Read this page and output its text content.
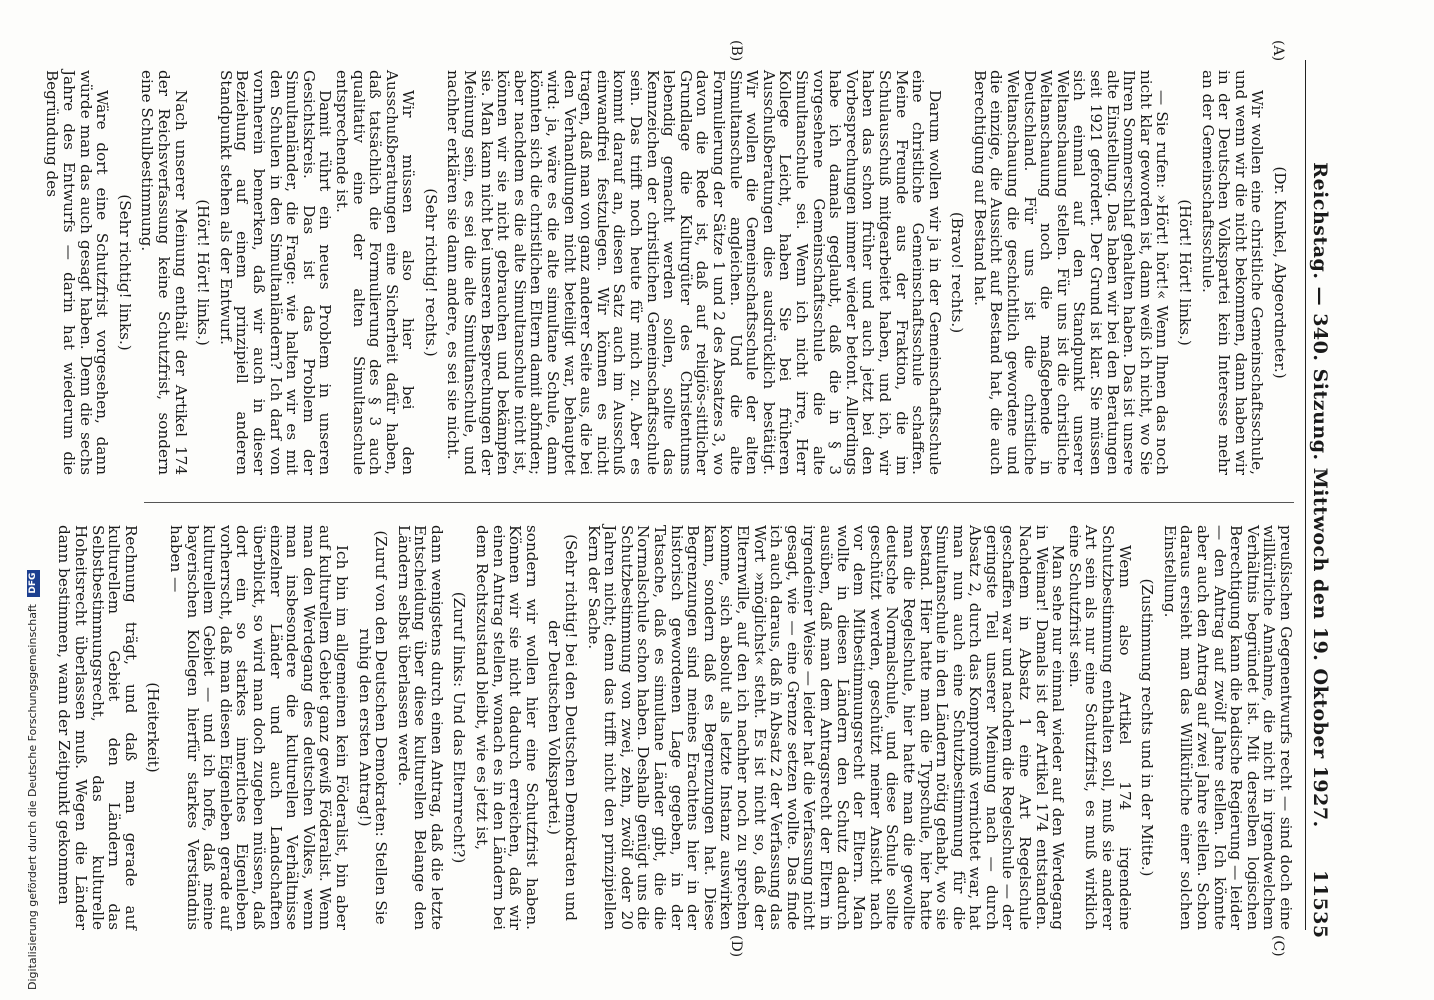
Reichstag. — 340. Sitzung. Mittwoch den 19. Oktober 1927.
11535
(A)
(B)
(C)
(D)

(Dr. Kunkel, Abgeordneter.)

Wir wollen eine christliche Gemeinschaftsschule, und wenn wir die nicht bekommen, dann haben wir in der Deutschen Volkspartei kein Interesse mehr an der Gemeinschaftsschule.

(Hört! Hört! links.)

— Sie rufen: »Hört! hört!« Wenn Ihnen das noch nicht klar geworden ist, dann weiß ich nicht, wo Sie Ihren Sommerschlaf gehalten haben. Das ist unsere alte Einstellung. Das haben wir bei den Beratungen seit 1921 gefordert. Der Grund ist klar. Sie müssen sich einmal auf den Standpunkt unserer Weltanschauung stellen. Für uns ist die christliche Weltanschauung noch die maßgebende in Deutschland. Für uns ist die christliche Weltanschauung die geschichtlich gewordene und die einzige, die Aussicht auf Bestand hat, die auch Berechtigung auf Bestand hat.

(Bravo! rechts.)

Darum wollen wir ja in der Gemeinschaftsschule eine christliche Gemeinschaftsschule schaffen. Meine Freunde aus der Fraktion, die im Schulausschuß mitgearbeitet haben, und ich, wir haben das schon früher und auch jetzt bei den Vorbesprechungen immer wieder betont. Allerdings habe ich damals geglaubt, daß die in § 3 vorgesehene Gemeinschaftsschule die alte Simultanschule sei. Wenn ich nicht irre, Herr Kollege Leicht, haben Sie bei früheren Ausschußberatungen dies ausdrücklich bestätigt. Wir wollen die Gemeinschaftsschule der alten Simultanschule angleichen. Und die alte Formulierung der Sätze 1 und 2 des Absatzes 3, wo davon die Rede ist, daß auf religiös-sittlicher Grundlage die Kulturgüter des Christentums lebendig gemacht werden sollen, sollte das Kennzeichen der christlichen Gemeinschaftsschule sein. Das trifft noch heute für mich zu. Aber es kommt darauf an, diesen Satz auch im Ausschuß einwandfrei festzulegen. Wir können es nicht tragen, daß man von ganz anderer Seite aus, die bei den Verhandlungen nicht beteiligt war, behauptet wird: ja, wäre es die alte simultane Schule, dann könnten sich die christlichen Eltern damit abfinden; aber nachdem es die alte Simultanschule nicht ist, können wir sie nicht gebrauchen und bekämpfen sie. Man kann nicht bei unseren Besprechungen der Meinung sein, es sei die alte Simultanschule, und nachher erklären sie dann andere, es sei sie nicht.

(Sehr richtig! rechts.)

Wir müssen also hier bei den Ausschußberatungen eine Sicherheit dafür haben, daß tatsächlich die Formulierung des § 3 auch qualitativ eine der alten Simultanschule entsprechende ist.

Damit rührt ein neues Problem in unseren Gesichtskreis. Das ist das Problem der Simultanländer, die Frage: wie halten wir es mit den Schulen in den Simultanländern? Ich darf von vornherein bemerken, daß wir auch in dieser Beziehung auf einem prinzipiell anderen Standpunkt stehen als der Entwurf.

(Hört! Hört! links.)

Nach unserer Meinung enthält der Artikel 174 der Reichsverfassung keine Schutzfrist, sondern eine Schulbestimmung.

(Sehr richtig! links.)

Wäre dort eine Schutzfrist vorgesehen, dann würde man das auch gesagt haben. Denn die sechs Jahre des Entwurfs — darin hat wiederum die Begründung des

preußischen Gegenentwurfs recht — sind doch eine willkürliche Annahme, die nicht in irgendwelchem Verhältnis begründet ist. Mit derselben logischen Berechtigung kann die badische Regierung — leider — den Antrag auf zwölf Jahre stellen. Ich könnte aber auch den Antrag auf zwei Jahre stellen. Schon daraus ersieht man das Willkürliche einer solchen Einstellung.

(Zustimmung rechts und in der Mitte.)

Wenn also Artikel 174 irgendeine Schutzbestimmung enthalten soll, muß sie anderer Art sein als nur eine Schutzfrist, es muß wirklich eine Schutzfrist sein.

Man sehe nur einmal wieder auf den Werdegang in Weimar! Damals ist der Artikel 174 entstanden. Nachdem in Absatz 1 eine Art Regelschule geschaffen war und nachdem die Regelschule — der geringste Teil unserer Meinung nach — durch Absatz 2, durch das Kompromiß vernichtet war, hat man nun auch eine Schutzbestimmung für die Simultanschule in den Ländern nötig gehabt, wo sie bestand. Hier hatte man die Typschule, hier hatte man die Regelschule, hier hatte man die gewollte deutsche Normalschule, und diese Schule sollte geschützt werden, geschützt meiner Ansicht nach vor dem Mitbestimmungsrecht der Eltern. Man wollte in diesen Ländern den Schutz dadurch ausüben, daß man dem Antragsrecht der Eltern in irgendeiner Weise — leider hat die Verfassung nicht gesagt, wie — eine Grenze setzen wollte. Das finde ich auch daraus, daß in Absatz 2 der Verfassung das Wort »möglichst« steht. Es ist nicht so, daß der Elternwille, auf den ich nachher noch zu sprechen komme, sich absolut als letzte Instanz auswirken kann, sondern daß es Begrenzungen hat. Diese Begrenzungen sind meines Erachtens hier in der historisch gewordenen Lage gegeben, in der Tatsache, daß es simultane Länder gibt, die die Normalschule schon haben. Deshalb genügt uns die Schutzbestimmung von zwei, zehn, zwölf oder 20 Jahren nicht; denn das trifft nicht den prinzipiellen Kern der Sache.

(Sehr richtig! bei den Deutschen Demokraten und der Deutschen Volkspartei.)

sondern wir wollen hier eine Schutzfrist haben. Können wir sie nicht dadurch erreichen, daß wir einen Antrag stellen, wonach es in den Ländern bei dem Rechtszustand bleibt, wie es jetzt ist,

(Zuruf links: Und das Elternrecht?)

dann wenigstens durch einen Antrag, daß die letzte Entscheidung über diese kulturellen Belange den Ländern selbst überlassen werde.

(Zuruf von den Deutschen Demokraten: Stellen Sie ruhig den ersten Antrag!)

Ich bin im allgemeinen kein Föderalist, bin aber auf kulturellem Gebiet ganz gewiß Föderalist. Wenn man den Werdegang des deutschen Volkes, wenn man insbesondere die kulturellen Verhältnisse einzelner Länder und auch Landschaften überblickt, so wird man doch zugeben müssen, daß dort ein so starkes innerliches Eigenleben vorherrscht, daß man diesen Eigenleben gerade auf kulturellem Gebiet — und ich hoffe, daß meine bayerischen Kollegen hierfür starkes Verständnis haben —

(Heiterkeit)

Rechnung trägt, und daß man gerade auf kulturellem Gebiet den Ländern das Selbstbestimmungsrecht, das kulturelle Hoheitsrecht überlassen muß. Wegen die Länder dann bestimmen, wann der Zeitpunkt gekommen

Digitalisierung gefördert durch die Deutsche Forschungsgemeinschaft DFG
